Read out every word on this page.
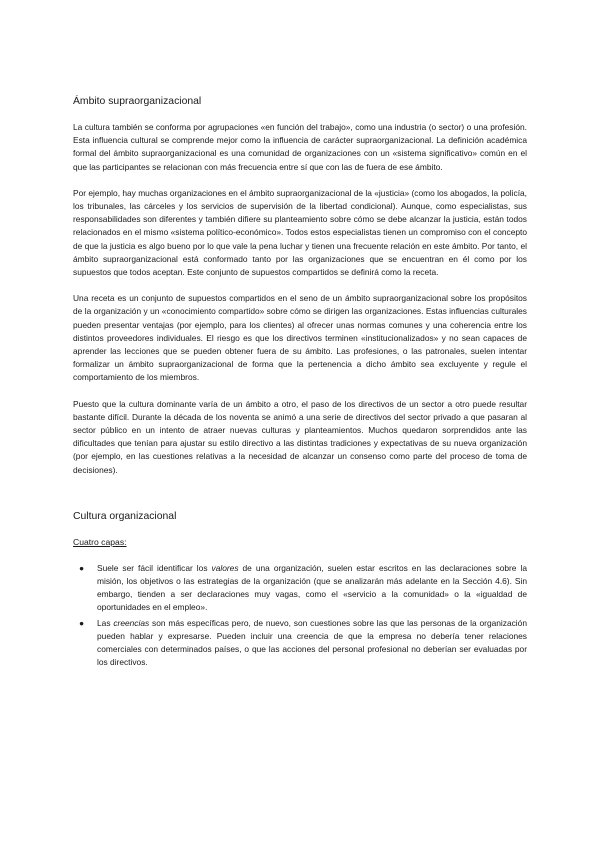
Ámbito supraorganizacional

La cultura también se conforma por agrupaciones «en función del trabajo», como una industria (o sector) o una profesión. Esta influencia cultural se comprende mejor como la influencia de carácter supraorganizacional. La definición académica formal del ámbito supraorganizacional es una comunidad de organizaciones con un «sistema significativo» común en el que las participantes se relacionan con más frecuencia entre sí que con las de fuera de ese ámbito.

Por ejemplo, hay muchas organizaciones en el ámbito supraorganizacional de la «justicia» (como los abogados, la policía, los tribunales, las cárceles y los servicios de supervisión de la libertad condicional). Aunque, como especialistas, sus responsabilidades son diferentes y también difiere su planteamiento sobre cómo se debe alcanzar la justicia, están todos relacionados en el mismo «sistema político-económico». Todos estos especialistas tienen un compromiso con el concepto de que la justicia es algo bueno por lo que vale la pena luchar y tienen una frecuente relación en este ámbito. Por tanto, el ámbito supraorganizacional está conformado tanto por las organizaciones que se encuentran en él como por los supuestos que todos aceptan. Este conjunto de supuestos compartidos se definirá como la receta.

Una receta es un conjunto de supuestos compartidos en el seno de un ámbito supraorganizacional sobre los propósitos de la organización y un «conocimiento compartido» sobre cómo se dirigen las organizaciones. Estas influencias culturales pueden presentar ventajas (por ejemplo, para los clientes) al ofrecer unas normas comunes y una coherencia entre los distintos proveedores individuales. El riesgo es que los directivos terminen «institucionalizados» y no sean capaces de aprender las lecciones que se pueden obtener fuera de su ámbito. Las profesiones, o las patronales, suelen intentar formalizar un ámbito supraorganizacional de forma que la pertenencia a dicho ámbito sea excluyente y regule el comportamiento de los miembros.

Puesto que la cultura dominante varía de un ámbito a otro, el paso de los directivos de un sector a otro puede resultar bastante difícil. Durante la década de los noventa se animó a una serie de directivos del sector privado a que pasaran al sector público en un intento de atraer nuevas culturas y planteamientos. Muchos quedaron sorprendidos ante las dificultades que tenían para ajustar su estilo directivo a las distintas tradiciones y expectativas de su nueva organización (por ejemplo, en las cuestiones relativas a la necesidad de alcanzar un consenso como parte del proceso de toma de decisiones).

Cultura organizacional
Cuatro capas:
● Suele ser fácil identificar los valores de una organización, suelen estar escritos en las declaraciones sobre la misión, los objetivos o las estrategias de la organización (que se analizarán más adelante en la Sección 4.6). Sin embargo, tienden a ser declaraciones muy vagas, como el «servicio a la comunidad» o la «igualdad de oportunidades en el empleo».
● Las creencias son más específicas pero, de nuevo, son cuestiones sobre las que las personas de la organización pueden hablar y expresarse. Pueden incluir una creencia de que la empresa no debería tener relaciones comerciales con determinados países, o que las acciones del personal profesional no deberían ser evaluadas por los directivos.
